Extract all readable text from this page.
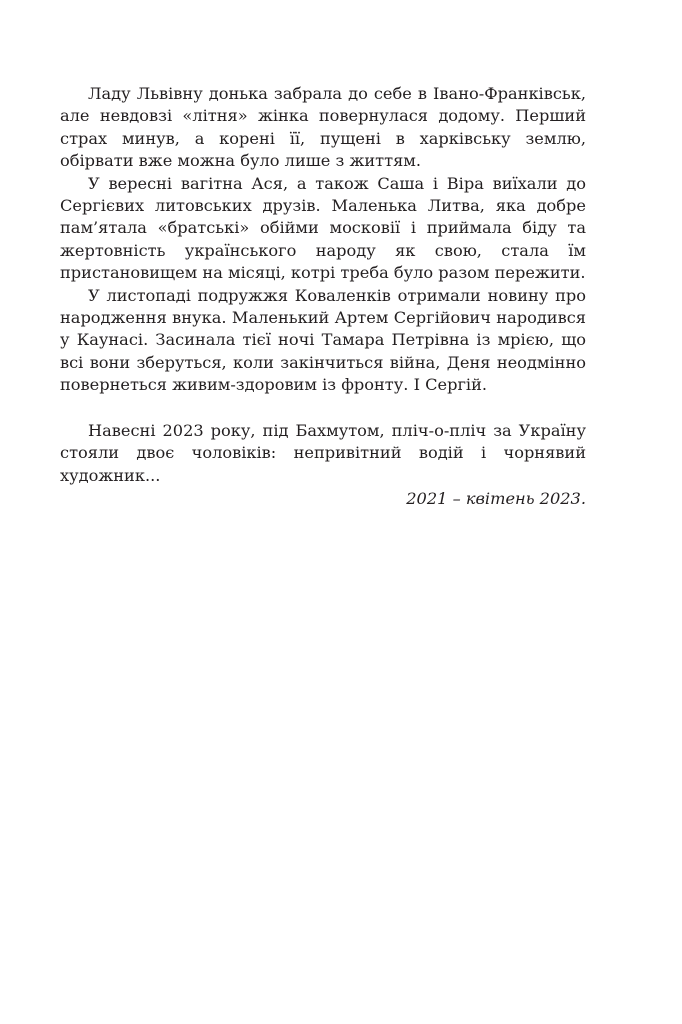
Ладу Львівну донька забрала до себе в Івано-Франківськ, але невдовзі «літня» жінка повернулася додому. Перший страх минув, а корені її, пущені в харківську землю, обірвати вже можна було лише з життям.

У вересні вагітна Ася, а також Саша і Віра виїхали до Сергієвих литовських друзів. Маленька Литва, яка добре пам’ятала «братські» обійми московії і приймала біду та жертовність українського народу як свою, стала їм пристановищем на місяці, котрі треба було разом пережити.

У листопаді подружжя Коваленків отримали новину про народження внука. Маленький Артем Сергійович народився у Каунасі. Засинала тієї ночі Тамара Петрівна із мрією, що всі вони зберуться, коли закінчиться війна, Деня неодмінно повернеться живим-здоровим із фронту. І Сергій.

Навесні 2023 року, під Бахмутом, пліч-о-пліч за Україну стояли двоє чоловіків: непривітний водій і чорнявий художник...

2021 – квітень 2023.
